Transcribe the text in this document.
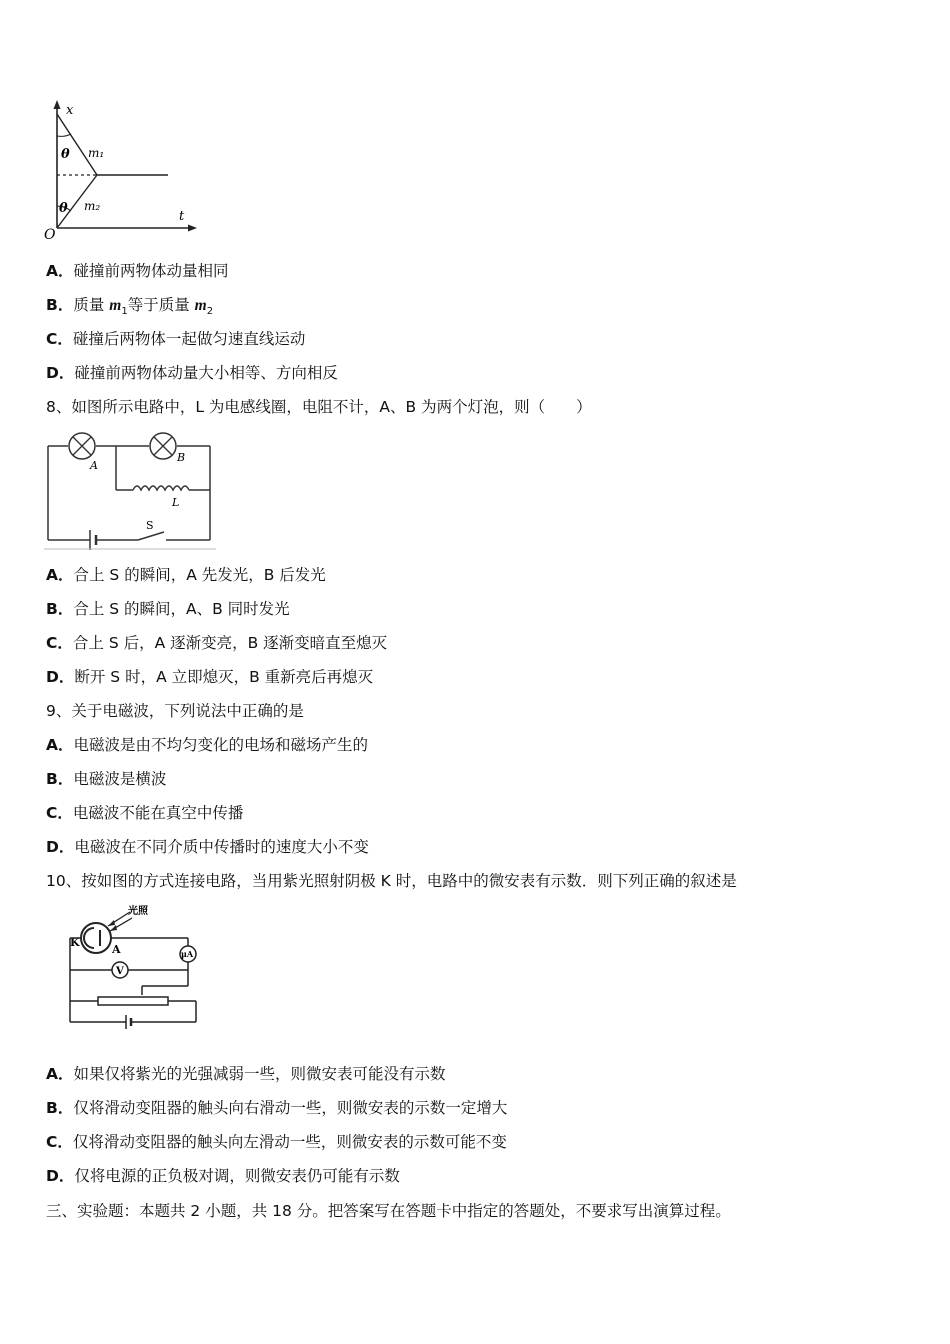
x
t
O
θ
θ
m₁
m₂
A．碰撞前两物体动量相同
B．质量 $m_1$等于质量 $m_2$
C．碰撞后两物体一起做匀速直线运动
D．碰撞前两物体动量大小相等、方向相反
8、如图所示电路中，L 为电感线圈，电阻不计，A、B 为两个灯泡，则（　　）
A
B
L
S
A．合上 S 的瞬间，A 先发光，B 后发光
B．合上 S 的瞬间，A、B 同时发光
C．合上 S 后，A 逐渐变亮，B 逐渐变暗直至熄灭
D．断开 S 时，A 立即熄灭，B 重新亮后再熄灭
9、关于电磁波，下列说法中正确的是
A．电磁波是由不均匀变化的电场和磁场产生的
B．电磁波是横波
C．电磁波不能在真空中传播
D．电磁波在不同介质中传播时的速度大小不变
10、按如图的方式连接电路，当用紫光照射阴极 K 时，电路中的微安表有示数．则下列正确的叙述是
光照
K
A	μA
V
A．如果仅将紫光的光强减弱一些，则微安表可能没有示数
B．仅将滑动变阻器的触头向右滑动一些，则微安表的示数一定增大
C．仅将滑动变阻器的触头向左滑动一些，则微安表的示数可能不变
D．仅将电源的正负极对调，则微安表仍可能有示数
三、实验题：本题共 2 小题，共 18 分。把答案写在答题卡中指定的答题处，不要求写出演算过程。
